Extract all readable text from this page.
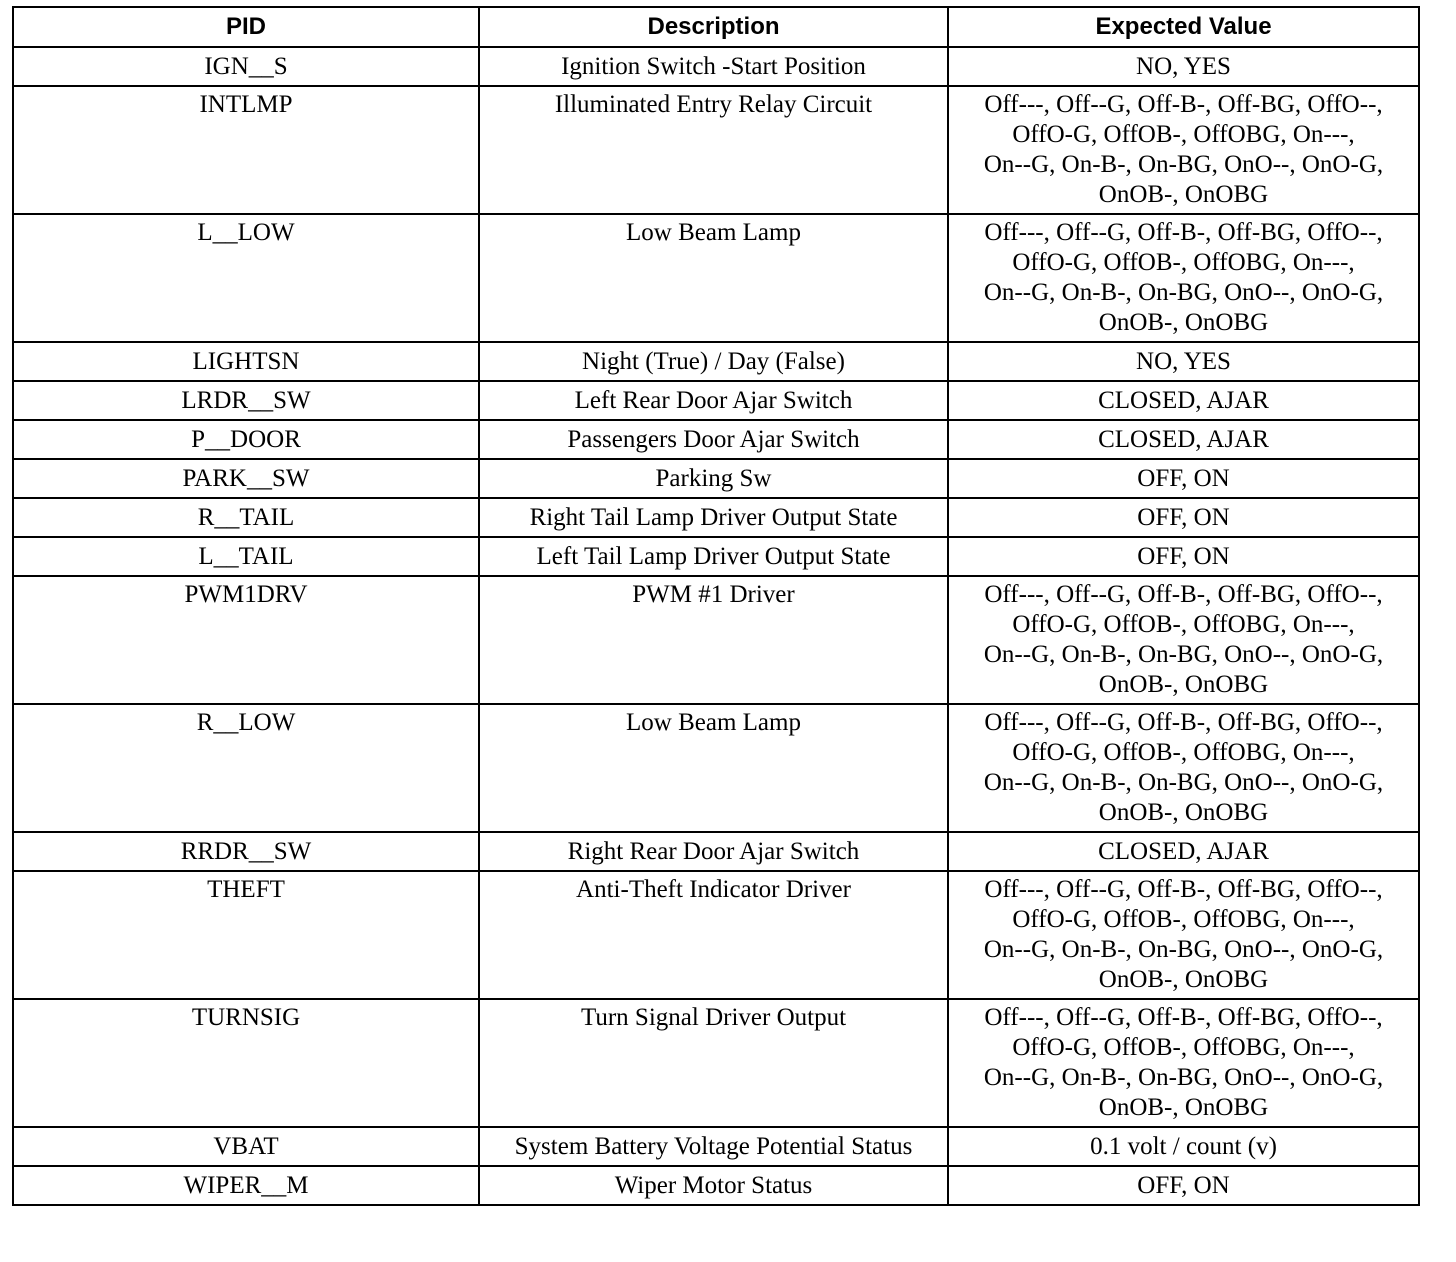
PID	Description	Expected Value
IGN__S	Ignition Switch -Start Position	NO, YES

INTLMP	Illuminated Entry Relay Circuit	Off---, Off--G, Off-B-, Off-BG, OffO--,
OffO-G, OffOB-, OffOBG, On---,
On--G, On-B-, On-BG, OnO--, OnO-G,
OnOB-, OnOBG

L__LOW	Low Beam Lamp	Off---, Off--G, Off-B-, Off-BG, OffO--,
OffO-G, OffOB-, OffOBG, On---,
On--G, On-B-, On-BG, OnO--, OnO-G,
OnOB-, OnOBG

LIGHTSN	Night (True) / Day (False)	NO, YES

LRDR__SW	Left Rear Door Ajar Switch	CLOSED, AJAR

P__DOOR	Passengers Door Ajar Switch	CLOSED, AJAR

PARK__SW	Parking Sw	OFF, ON

R__TAIL	Right Tail Lamp Driver Output State	OFF, ON

L__TAIL	Left Tail Lamp Driver Output State	OFF, ON

PWM1DRV	PWM #1 Driver	Off---, Off--G, Off-B-, Off-BG, OffO--,
OffO-G, OffOB-, OffOBG, On---,
On--G, On-B-, On-BG, OnO--, OnO-G,
OnOB-, OnOBG

R__LOW	Low Beam Lamp	Off---, Off--G, Off-B-, Off-BG, OffO--,
OffO-G, OffOB-, OffOBG, On---,
On--G, On-B-, On-BG, OnO--, OnO-G,
OnOB-, OnOBG

RRDR__SW	Right Rear Door Ajar Switch	CLOSED, AJAR

THEFT	Anti-Theft Indicator Driver	Off---, Off--G, Off-B-, Off-BG, OffO--,
OffO-G, OffOB-, OffOBG, On---,
On--G, On-B-, On-BG, OnO--, OnO-G,
OnOB-, OnOBG

TURNSIG	Turn Signal Driver Output	Off---, Off--G, Off-B-, Off-BG, OffO--,
OffO-G, OffOB-, OffOBG, On---,
On--G, On-B-, On-BG, OnO--, OnO-G,
OnOB-, OnOBG

VBAT	System Battery Voltage Potential Status	0.1 volt / count (v)

WIPER__M	Wiper Motor Status	OFF, ON
